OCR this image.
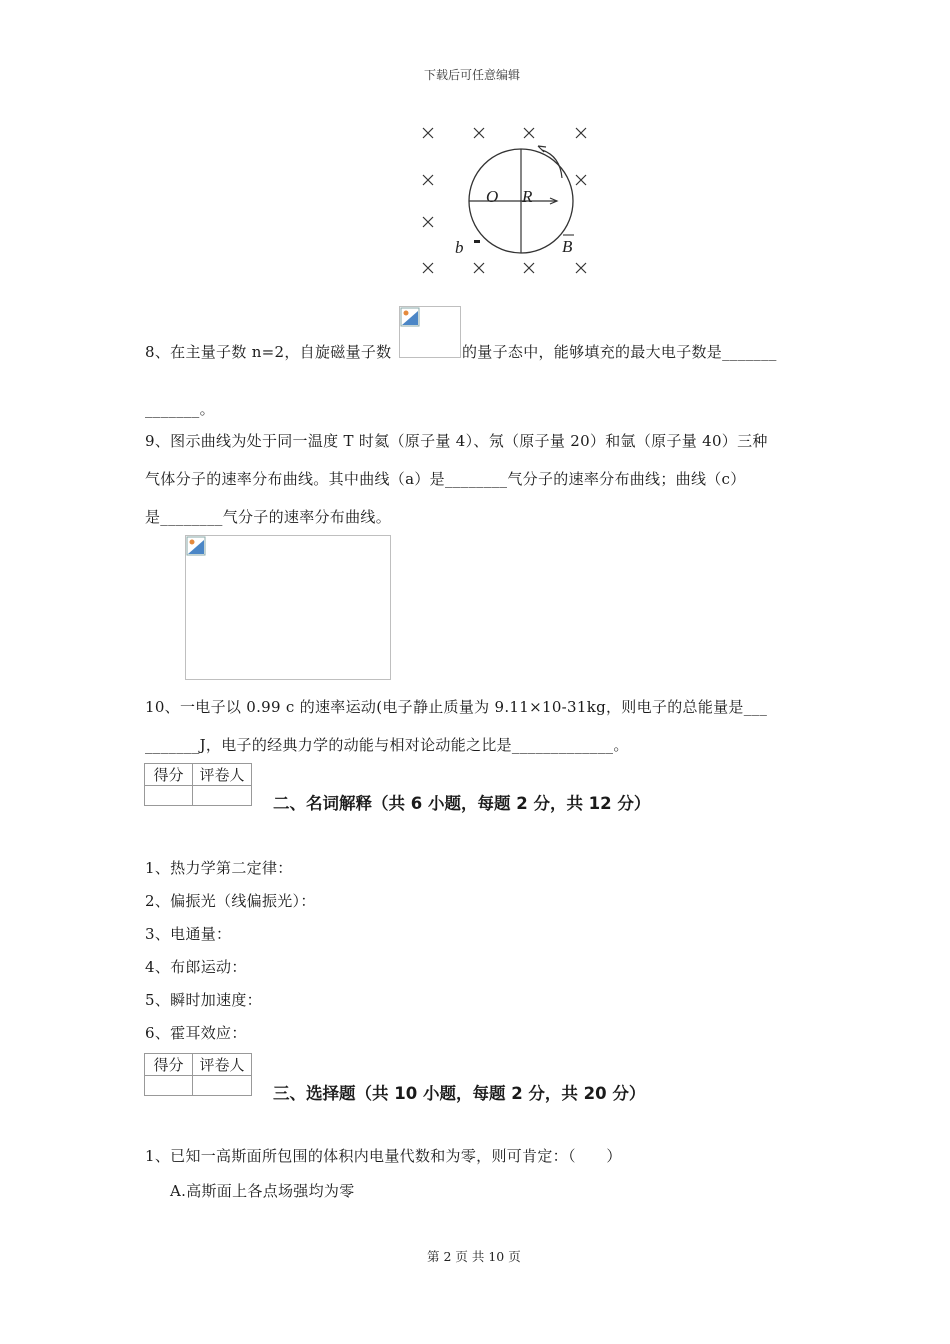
下载后可任意编辑
O R
b	B
8、在主量子数 n=2，自旋磁量子数	的量子态中，能够填充的最大电子数是_______
_______。
9、图示曲线为处于同一温度 T 时氦（原子量 4）、氖（原子量 20）和氩（原子量 40）三种
气体分子的速率分布曲线。其中曲线（a）是________气分子的速率分布曲线；曲线（c）
是________气分子的速率分布曲线。
10、一电子以 0.99 c 的速率运动(电子静止质量为 9.11×10-31kg，则电子的总能量是___
_______J，电子的经典力学的动能与相对论动能之比是_____________。
得分	评卷人

二、名词解释（共 6 小题，每题 2 分，共 12 分）
1、热力学第二定律：
2、偏振光（线偏振光）：
3、电通量：
4、布郎运动：
5、瞬时加速度：
6、霍耳效应：
得分	评卷人

三、选择题（共 10 小题，每题 2 分，共 20 分）
1、已知一高斯面所包围的体积内电量代数和为零，则可肯定：（　　）
A.高斯面上各点场强均为零
第 2 页 共 10 页
